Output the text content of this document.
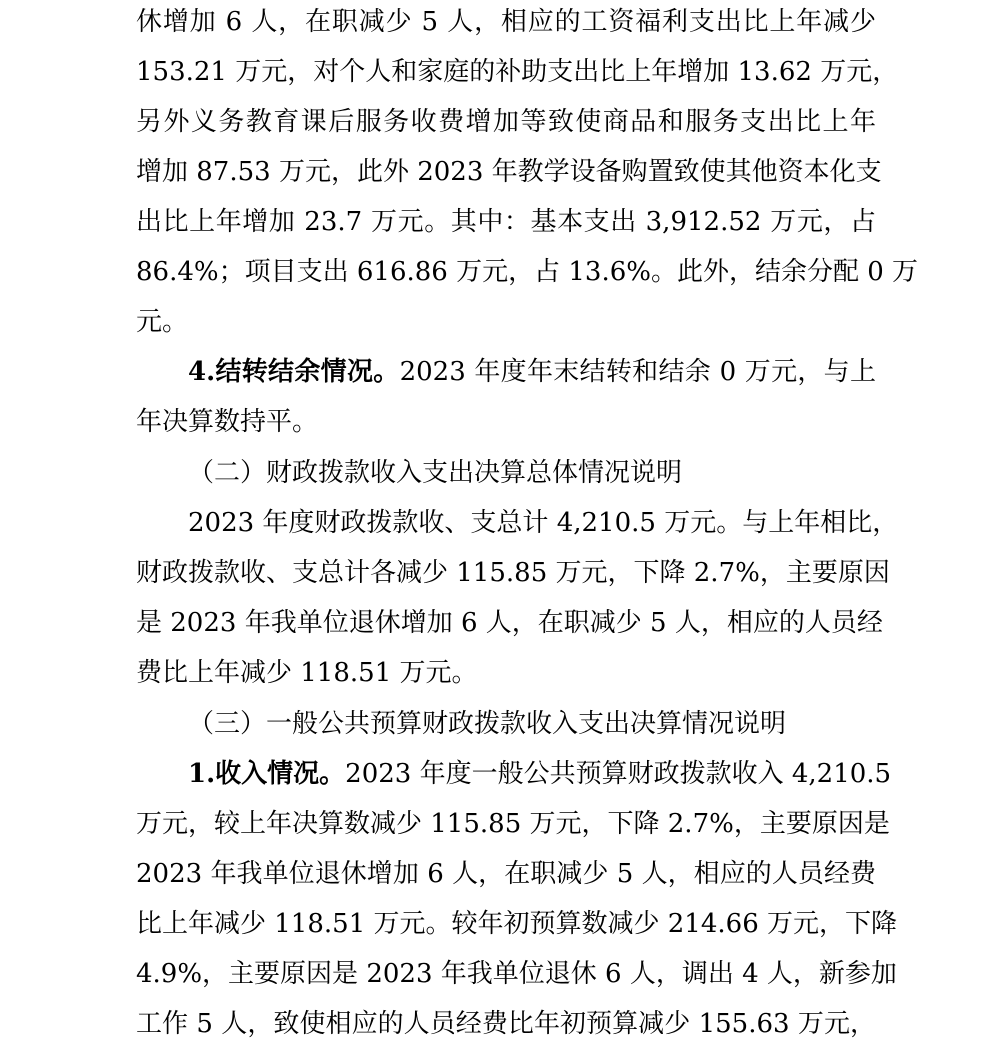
休增加 6 人，在职减少 5 人，相应的工资福利支出比上年减少
153.21 万元，对个人和家庭的补助支出比上年增加 13.62 万元，
另外义务教育课后服务收费增加等致使商品和服务支出比上年
增加 87.53 万元，此外 2023 年教学设备购置致使其他资本化支
出比上年增加 23.7 万元。其中：基本支出 3,912.52 万元，占
86.4%；项目支出 616.86 万元，占 13.6%。此外，结余分配 0 万
元。
4.结转结余情况。2023 年度年末结转和结余 0 万元，与上
年决算数持平。
（二）财政拨款收入支出决算总体情况说明
2023 年度财政拨款收、支总计 4,210.5 万元。与上年相比，
财政拨款收、支总计各减少 115.85 万元，下降 2.7%，主要原因
是 2023 年我单位退休增加 6 人，在职减少 5 人，相应的人员经
费比上年减少 118.51 万元。
（三）一般公共预算财政拨款收入支出决算情况说明
1.收入情况。2023 年度一般公共预算财政拨款收入 4,210.5
万元，较上年决算数减少 115.85 万元，下降 2.7%，主要原因是
2023 年我单位退休增加 6 人，在职减少 5 人，相应的人员经费
比上年减少 118.51 万元。较年初预算数减少 214.66 万元，下降
4.9%，主要原因是 2023 年我单位退休 6 人，调出 4 人，新参加
工作 5 人，致使相应的人员经费比年初预算减少 155.63 万元，
